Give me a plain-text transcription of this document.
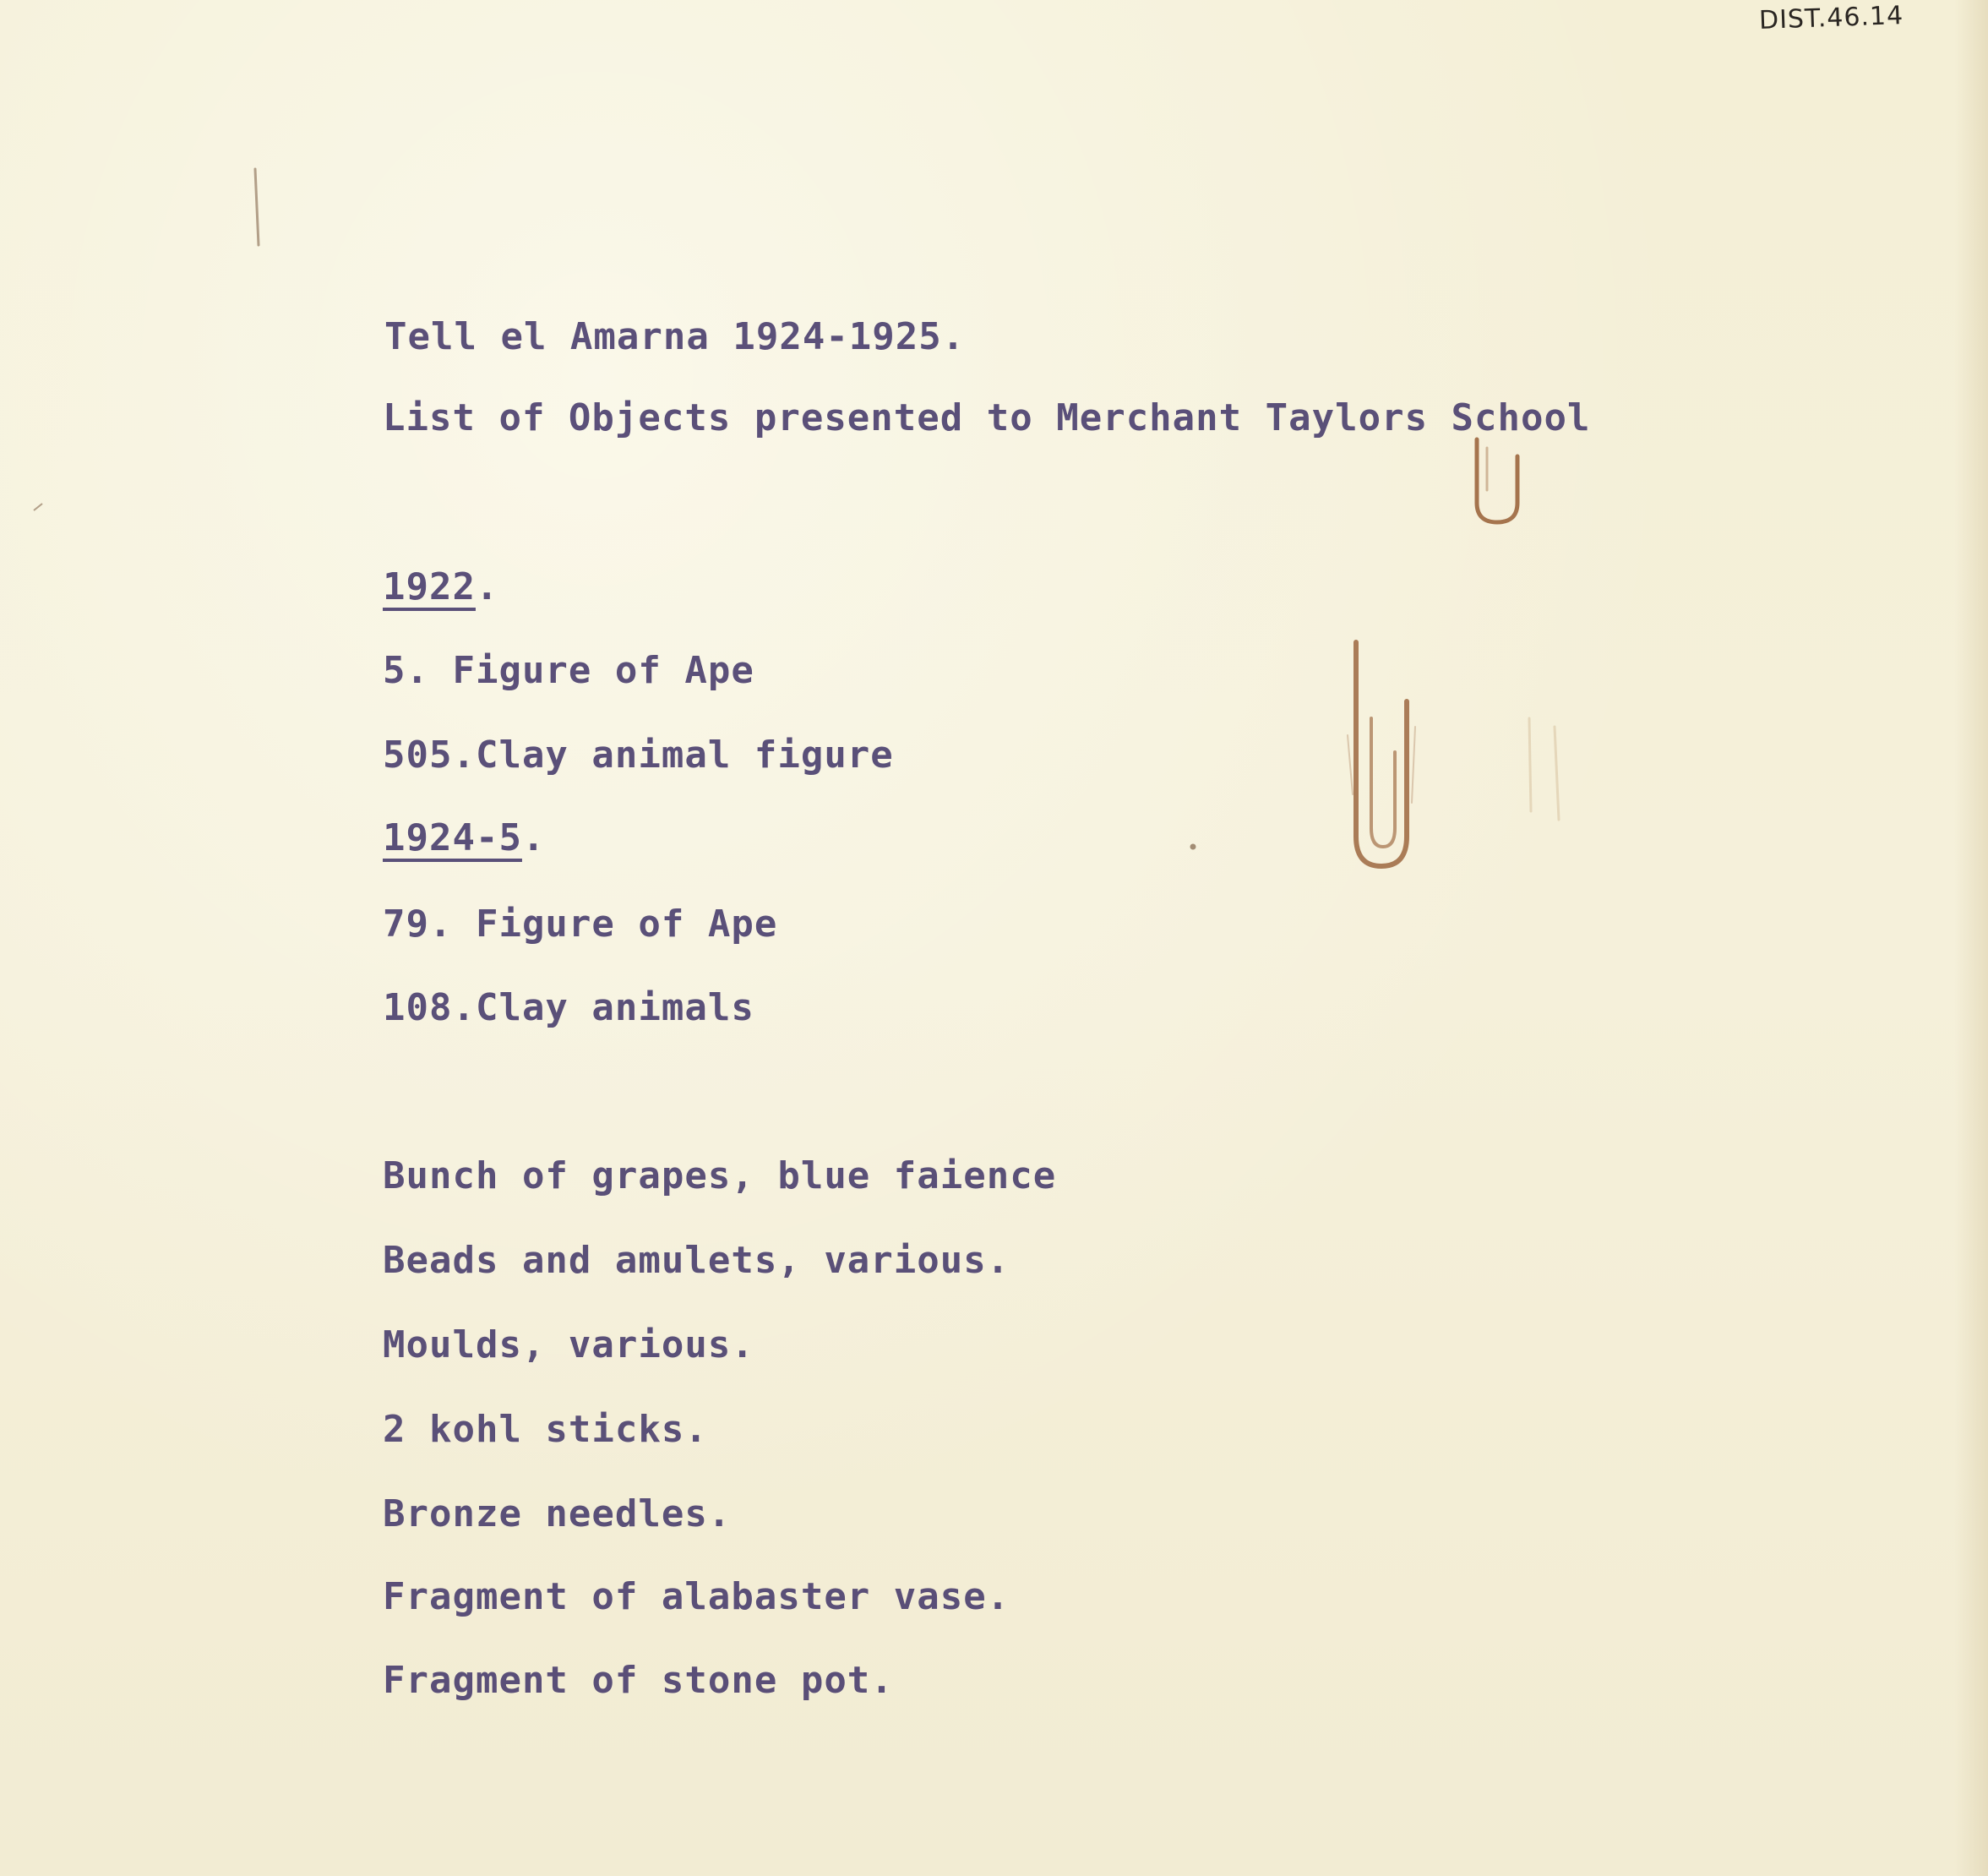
DIST.46.14
Tell el Amarna 1924-1925.
List of Objects presented to Merchant Taylors School
1922.
5. Figure of Ape
505.Clay animal figure
1924-5.
79. Figure of Ape
108.Clay animals
Bunch of grapes, blue faience
Beads and amulets, various.
Moulds, various.
2 kohl sticks.
Bronze needles.
Fragment of alabaster vase.
Fragment of stone pot.
